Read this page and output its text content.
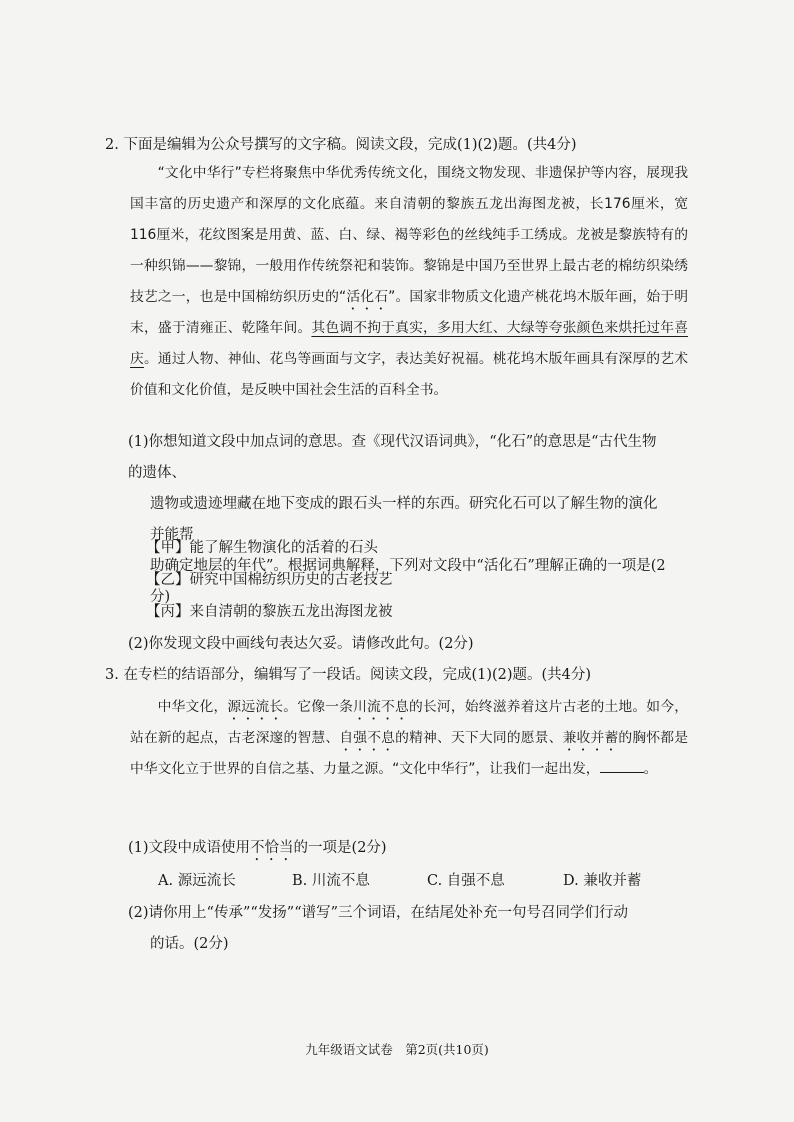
2. 下面是编辑为公众号撰写的文字稿。阅读文段，完成(1)(2)题。(共4分)

“文化中华行”专栏将聚焦中华优秀传统文化，围绕文物发现、非遗保护等内容，展现我国丰富的历史遗产和深厚的文化底蕴。来自清朝的黎族五龙出海图龙被，长176厘米，宽116厘米，花纹图案是用黄、蓝、白、绿、褐等彩色的丝线纯手工绣成。龙被是黎族特有的一种织锦——黎锦，一般用作传统祭祀和装饰。黎锦是中国乃至世界上最古老的棉纺织染绣技艺之一，也是中国棉纺织历史的“活化石”。国家非物质文化遗产桃花坞木版年画，始于明末，盛于清雍正、乾隆年间。其色调不拘于真实，多用大红、大绿等夸张颜色来烘托过年喜庆。通过人物、神仙、花鸟等画面与文字，表达美好祝福。桃花坞木版年画具有深厚的艺术价值和文化价值，是反映中国社会生活的百科全书。

(1)你想知道文段中加点词的意思。查《现代汉语词典》，“化石”的意思是“古代生物的遗体、
遗物或遗迹埋藏在地下变成的跟石头一样的东西。研究化石可以了解生物的演化并能帮
助确定地层的年代”。根据词典解释，下列对文段中“活化石”理解正确的一项是(2分)
【甲】能了解生物演化的活着的石头
【乙】研究中国棉纺织历史的古老技艺
【丙】来自清朝的黎族五龙出海图龙被
(2)你发现文段中画线句表达欠妥。请修改此句。(2分)
3. 在专栏的结语部分，编辑写了一段话。阅读文段，完成(1)(2)题。(共4分)

中华文化，源远流长。它像一条川流不息的长河，始终滋养着这片古老的土地。如今，站在新的起点，古老深邃的智慧、自强不息的精神、天下大同的愿景、兼收并蓄的胸怀都是中华文化立于世界的自信之基、力量之源。“文化中华行”，让我们一起出发，	。

(1)文段中成语使用不恰当的一项是(2分)
A. 源远流长	B. 川流不息	C. 自强不息	D. 兼收并蓄
(2)请你用上“传承”“发扬”“谱写”三个词语，在结尾处补充一句号召同学们行动
的话。(2分)
九年级语文试卷　第2页(共10页)
